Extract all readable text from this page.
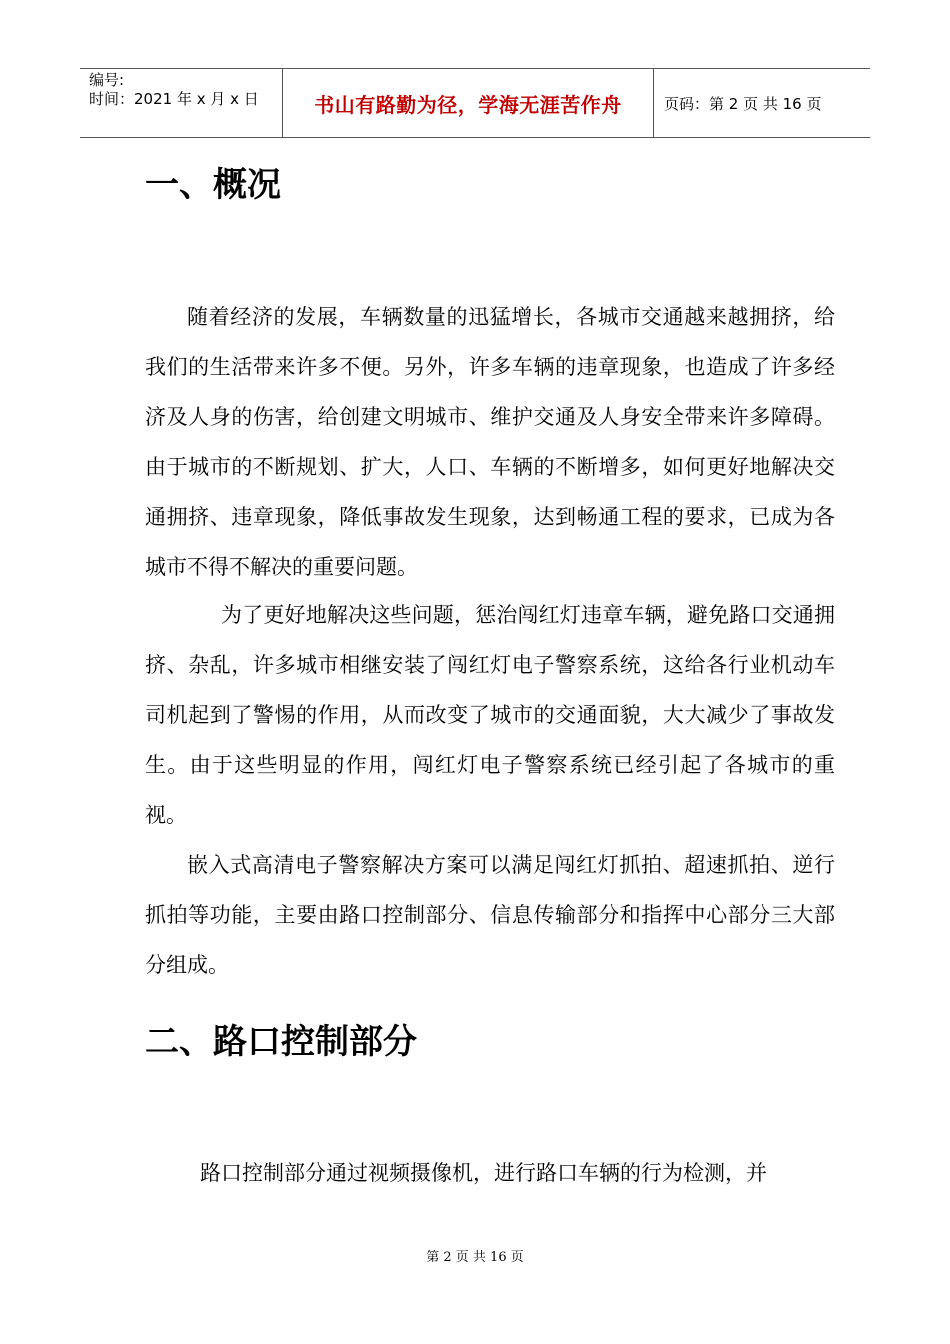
编号:
时间：2021 年 x 月 x 日	书山有路勤为径，学海无涯苦作舟	页码：第 2 页 共 16 页
一、概况

随着经济的发展，车辆数量的迅猛增长，各城市交通越来越拥挤，给我们的生活带来许多不便。另外，许多车辆的违章现象，也造成了许多经济及人身的伤害，给创建文明城市、维护交通及人身安全带来许多障碍。由于城市的不断规划、扩大，人口、车辆的不断增多，如何更好地解决交通拥挤、违章现象，降低事故发生现象，达到畅通工程的要求，已成为各城市不得不解决的重要问题。

为了更好地解决这些问题，惩治闯红灯违章车辆，避免路口交通拥挤、杂乱，许多城市相继安装了闯红灯电子警察系统，这给各行业机动车司机起到了警惕的作用，从而改变了城市的交通面貌，大大减少了事故发生。由于这些明显的作用，闯红灯电子警察系统已经引起了各城市的重视。

嵌入式高清电子警察解决方案可以满足闯红灯抓拍、超速抓拍、逆行抓拍等功能，主要由路口控制部分、信息传输部分和指挥中心部分三大部分组成。

二、路口控制部分

路口控制部分通过视频摄像机，进行路口车辆的行为检测，并

第 2 页 共 16 页
